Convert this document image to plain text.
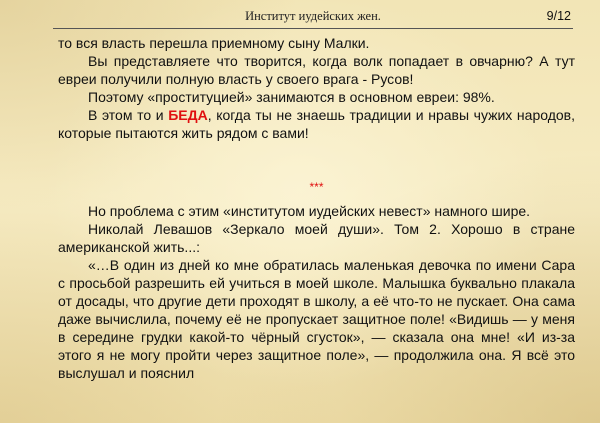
Институт иудейских жен.	9/12

то вся власть перешла приемному сыну Малки.

Вы представляете что творится, когда волк попадает в овчарню? А тут евреи получили полную власть у своего врага - Русов!

Поэтому «проституцией» занимаются в основном евреи: 98%.

В этом то и БЕДА, когда ты не знаешь традиции и нравы чужих народов, которые пытаются жить рядом с вами!

***

Но проблема с этим «институтом иудейских невест» намного шире.

Николай Левашов «Зеркало моей души». Том 2. Хорошо в стране американской жить...:

«…В один из дней ко мне обратилась маленькая девочка по имени Сара с просьбой разрешить ей учиться в моей школе. Малышка буквально плакала от досады, что другие дети проходят в школу, а её что-то не пускает. Она сама даже вычислила, почему её не пропускает защитное поле! «Видишь — у меня в середине грудки какой-то чёрный сгусток», — сказала она мне! «И из-за этого я не могу пройти через защитное поле», — продолжила она. Я всё это выслушал и пояснил
